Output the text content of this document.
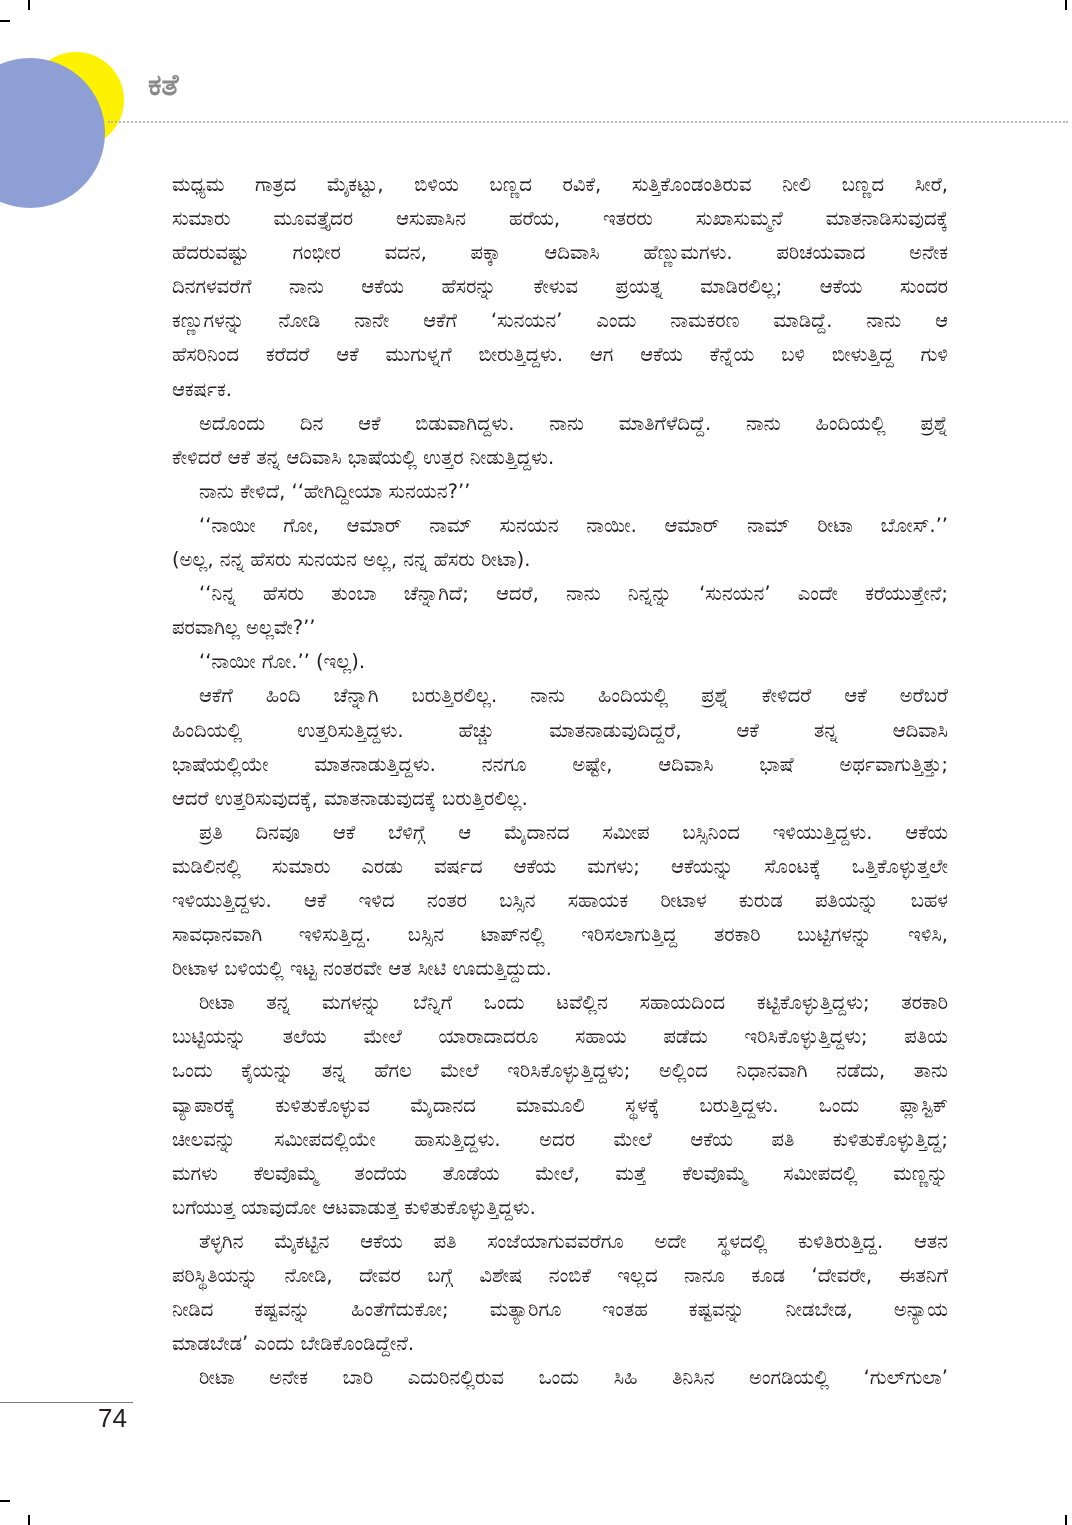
ಕತೆ
ಮಧ್ಯಮ ಗಾತ್ರದ ಮೈಕಟ್ಟು, ಬಿಳಿಯ ಬಣ್ಣದ ರವಿಕೆ, ಸುತ್ತಿಕೊಂಡಂತಿರುವ ನೀಲಿ ಬಣ್ಣದ ಸೀರೆ,
ಸುಮಾರು ಮೂವತ್ತೈದರ ಆಸುಪಾಸಿನ ಹರೆಯ, ಇತರರು ಸುಖಾಸುಮ್ಮನೆ ಮಾತನಾಡಿಸುವುದಕ್ಕೆ
ಹೆದರುವಷ್ಟು ಗಂಭೀರ ವದನ, ಪಕ್ಕಾ ಆದಿವಾಸಿ ಹೆಣ್ಣುಮಗಳು. ಪರಿಚಯವಾದ ಅನೇಕ
ದಿನಗಳವರೆಗೆ ನಾನು ಆಕೆಯ ಹೆಸರನ್ನು ಕೇಳುವ ಪ್ರಯತ್ನ ಮಾಡಿರಲಿಲ್ಲ; ಆಕೆಯ ಸುಂದರ
ಕಣ್ಣುಗಳನ್ನು ನೋಡಿ ನಾನೇ ಆಕೆಗೆ ‘ಸುನಯನ’ ಎಂದು ನಾಮಕರಣ ಮಾಡಿದ್ದೆ. ನಾನು ಆ
ಹೆಸರಿನಿಂದ ಕರೆದರೆ ಆಕೆ ಮುಗುಳ್ನಗೆ ಬೀರುತ್ತಿದ್ದಳು. ಆಗ ಆಕೆಯ ಕೆನ್ನೆಯ ಬಳಿ ಬೀಳುತ್ತಿದ್ದ ಗುಳಿ
ಆಕರ್ಷಕ.
ಅದೊಂದು ದಿನ ಆಕೆ ಬಿಡುವಾಗಿದ್ದಳು. ನಾನು ಮಾತಿಗೆಳೆದಿದ್ದೆ. ನಾನು ಹಿಂದಿಯಲ್ಲಿ ಪ್ರಶ್ನೆ
ಕೇಳಿದರೆ ಆಕೆ ತನ್ನ ಆದಿವಾಸಿ ಭಾಷೆಯಲ್ಲಿ ಉತ್ತರ ನೀಡುತ್ತಿದ್ದಳು.
ನಾನು ಕೇಳಿದೆ, ‘‘ಹೇಗಿದ್ದೀಯಾ ಸುನಯನ?’’
‘‘ನಾಯೀ ಗೋ, ಆಮಾರ್ ನಾಮ್ ಸುನಯನ ನಾಯೀ. ಆಮಾರ್ ನಾಮ್ ರೀಟಾ ಬೋಸ್.’’
(ಅಲ್ಲ, ನನ್ನ ಹೆಸರು ಸುನಯನ ಅಲ್ಲ, ನನ್ನ ಹೆಸರು ರೀಟಾ).
‘‘ನಿನ್ನ ಹೆಸರು ತುಂಬಾ ಚೆನ್ನಾಗಿದೆ; ಆದರೆ, ನಾನು ನಿನ್ನನ್ನು ‘ಸುನಯನ’ ಎಂದೇ ಕರೆಯುತ್ತೇನೆ;
ಪರವಾಗಿಲ್ಲ ಅಲ್ಲವೇ?’’
‘‘ನಾಯೀ ಗೋ.’’ (ಇಲ್ಲ).
ಆಕೆಗೆ ಹಿಂದಿ ಚೆನ್ನಾಗಿ ಬರುತ್ತಿರಲಿಲ್ಲ. ನಾನು ಹಿಂದಿಯಲ್ಲಿ ಪ್ರಶ್ನೆ ಕೇಳಿದರೆ ಆಕೆ ಅರೆಬರೆ
ಹಿಂದಿಯಲ್ಲಿ ಉತ್ತರಿಸುತ್ತಿದ್ದಳು. ಹೆಚ್ಚು ಮಾತನಾಡುವುದಿದ್ದರೆ, ಆಕೆ ತನ್ನ ಆದಿವಾಸಿ
ಭಾಷೆಯಲ್ಲಿಯೇ ಮಾತನಾಡುತ್ತಿದ್ದಳು. ನನಗೂ ಅಷ್ಟೇ, ಆದಿವಾಸಿ ಭಾಷೆ ಅರ್ಥವಾಗುತ್ತಿತ್ತು;
ಆದರೆ ಉತ್ತರಿಸುವುದಕ್ಕೆ, ಮಾತನಾಡುವುದಕ್ಕೆ ಬರುತ್ತಿರಲಿಲ್ಲ.
ಪ್ರತಿ ದಿನವೂ ಆಕೆ ಬೆಳಿಗ್ಗೆ ಆ ಮೈದಾನದ ಸಮೀಪ ಬಸ್ಸಿನಿಂದ ಇಳಿಯುತ್ತಿದ್ದಳು. ಆಕೆಯ
ಮಡಿಲಿನಲ್ಲಿ ಸುಮಾರು ಎರಡು ವರ್ಷದ ಆಕೆಯ ಮಗಳು; ಆಕೆಯನ್ನು ಸೊಂಟಕ್ಕೆ ಒತ್ತಿಕೊಳ್ಳುತ್ತಲೇ
ಇಳಿಯುತ್ತಿದ್ದಳು. ಆಕೆ ಇಳಿದ ನಂತರ ಬಸ್ಸಿನ ಸಹಾಯಕ ರೀಟಾಳ ಕುರುಡ ಪತಿಯನ್ನು ಬಹಳ
ಸಾವಧಾನವಾಗಿ ಇಳಿಸುತ್ತಿದ್ದ. ಬಸ್ಸಿನ ಟಾಪ್‌ನಲ್ಲಿ ಇರಿಸಲಾಗುತ್ತಿದ್ದ ತರಕಾರಿ ಬುಟ್ಟಿಗಳನ್ನು ಇಳಿಸಿ,
ರೀಟಾಳ ಬಳಿಯಲ್ಲಿ ಇಟ್ಟ ನಂತರವೇ ಆತ ಸೀಟಿ ಊದುತ್ತಿದ್ದುದು.
ರೀಟಾ ತನ್ನ ಮಗಳನ್ನು ಬೆನ್ನಿಗೆ ಒಂದು ಟವೆಲ್ಲಿನ ಸಹಾಯದಿಂದ ಕಟ್ಟಿಕೊಳ್ಳುತ್ತಿದ್ದಳು; ತರಕಾರಿ
ಬುಟ್ಟಿಯನ್ನು ತಲೆಯ ಮೇಲೆ ಯಾರಾದಾದರೂ ಸಹಾಯ ಪಡೆದು ಇರಿಸಿಕೊಳ್ಳುತ್ತಿದ್ದಳು; ಪತಿಯ
ಒಂದು ಕೈಯನ್ನು ತನ್ನ ಹೆಗಲ ಮೇಲೆ ಇರಿಸಿಕೊಳ್ಳುತ್ತಿದ್ದಳು; ಅಲ್ಲಿಂದ ನಿಧಾನವಾಗಿ ನಡೆದು, ತಾನು
ವ್ಯಾಪಾರಕ್ಕೆ ಕುಳಿತುಕೊಳ್ಳುವ ಮೈದಾನದ ಮಾಮೂಲಿ ಸ್ಥಳಕ್ಕೆ ಬರುತ್ತಿದ್ದಳು. ಒಂದು ಪ್ಲಾಸ್ಟಿಕ್
ಚೀಲವನ್ನು ಸಮೀಪದಲ್ಲಿಯೇ ಹಾಸುತ್ತಿದ್ದಳು. ಅದರ ಮೇಲೆ ಆಕೆಯ ಪತಿ ಕುಳಿತುಕೊಳ್ಳುತ್ತಿದ್ದ;
ಮಗಳು ಕೆಲವೊಮ್ಮೆ ತಂದೆಯ ತೊಡೆಯ ಮೇಲೆ, ಮತ್ತೆ ಕೆಲವೊಮ್ಮೆ ಸಮೀಪದಲ್ಲಿ ಮಣ್ಣನ್ನು
ಬಗೆಯುತ್ತ ಯಾವುದೋ ಆಟವಾಡುತ್ತ ಕುಳಿತುಕೊಳ್ಳುತ್ತಿದ್ದಳು.
ತೆಳ್ಳಗಿನ ಮೈಕಟ್ಟಿನ ಆಕೆಯ ಪತಿ ಸಂಜೆಯಾಗುವವರೆಗೂ ಅದೇ ಸ್ಥಳದಲ್ಲಿ ಕುಳಿತಿರುತ್ತಿದ್ದ. ಆತನ
ಪರಿಸ್ಥಿತಿಯನ್ನು ನೋಡಿ, ದೇವರ ಬಗ್ಗೆ ವಿಶೇಷ ನಂಬಿಕೆ ಇಲ್ಲದ ನಾನೂ ಕೂಡ ‘ದೇವರೇ, ಈತನಿಗೆ
ನೀಡಿದ ಕಷ್ಟವನ್ನು ಹಿಂತೆಗೆದುಕೋ; ಮತ್ಯಾರಿಗೂ ಇಂತಹ ಕಷ್ಟವನ್ನು ನೀಡಬೇಡ, ಅನ್ಯಾಯ
ಮಾಡಬೇಡ’ ಎಂದು ಬೇಡಿಕೊಂಡಿದ್ದೇನೆ.
ರೀಟಾ ಅನೇಕ ಬಾರಿ ಎದುರಿನಲ್ಲಿರುವ ಒಂದು ಸಿಹಿ ತಿನಿಸಿನ ಅಂಗಡಿಯಲ್ಲಿ ‘ಗುಲ್‌ಗುಲಾ’
74
